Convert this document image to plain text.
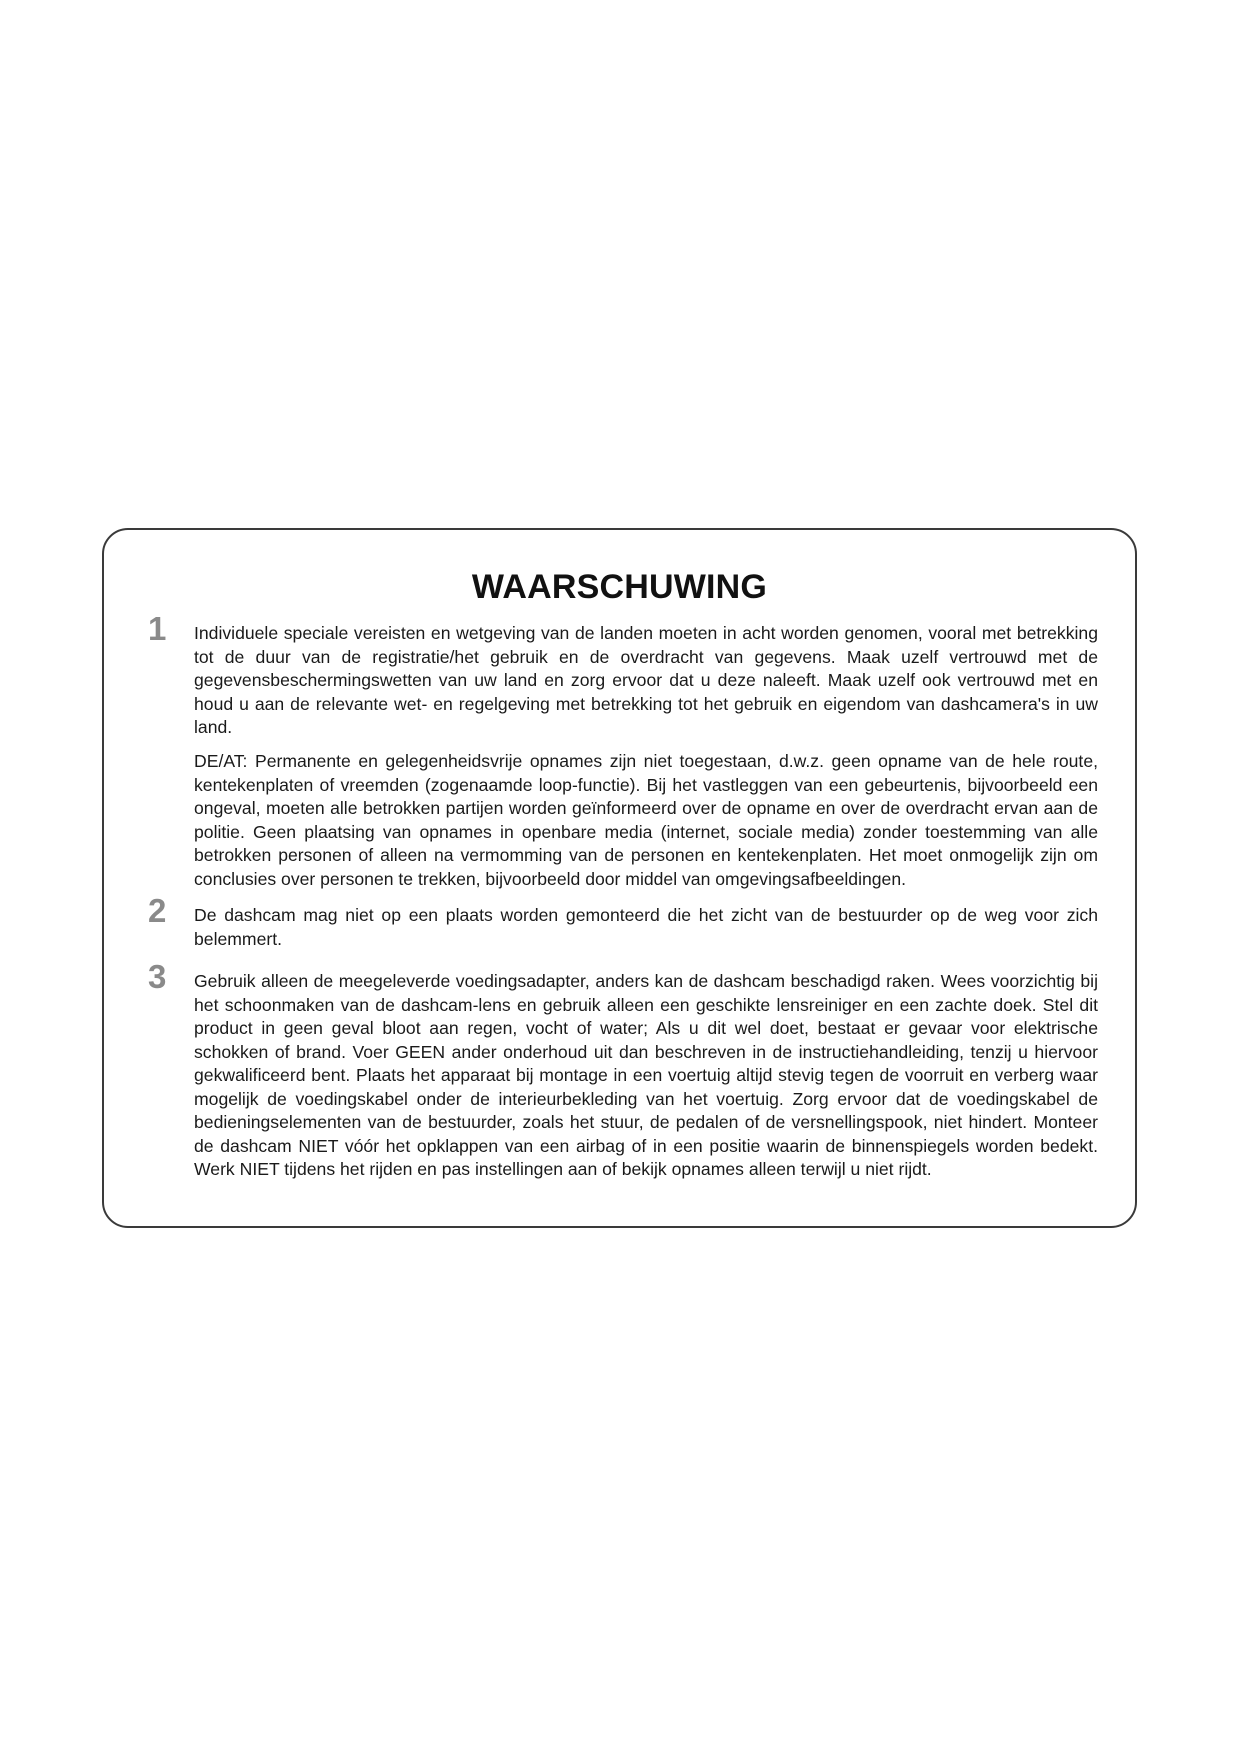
WAARSCHUWING
1 Individuele speciale vereisten en wetgeving van de landen moeten in acht worden genomen, vooral met betrekking tot de duur van de registratie/het gebruik en de overdracht van gegevens. Maak uzelf vertrouwd met de gegevensbeschermingswetten van uw land en zorg ervoor dat u deze naleeft. Maak uzelf ook vertrouwd met en houd u aan de relevante wet- en regelgeving met betrekking tot het gebruik en eigendom van dashcamera's in uw land.

DE/AT: Permanente en gelegenheidsvrije opnames zijn niet toegestaan, d.w.z. geen opname van de hele route, kentekenplaten of vreemden (zogenaamde loop-functie). Bij het vastleggen van een gebeurtenis, bijvoorbeeld een ongeval, moeten alle betrokken partijen worden geïnformeerd over de opname en over de overdracht ervan aan de politie. Geen plaatsing van opnames in openbare media (internet, sociale media) zonder toestemming van alle betrokken personen of alleen na vermomming van de personen en kentekenplaten. Het moet onmogelijk zijn om conclusies over personen te trekken, bijvoorbeeld door middel van omgevingsafbeeldingen.

2 De dashcam mag niet op een plaats worden gemonteerd die het zicht van de bestuurder op de weg voor zich belemmert.

3 Gebruik alleen de meegeleverde voedingsadapter, anders kan de dashcam beschadigd raken. Wees voorzichtig bij het schoonmaken van de dashcam-lens en gebruik alleen een geschikte lensreiniger en een zachte doek. Stel dit product in geen geval bloot aan regen, vocht of water; Als u dit wel doet, bestaat er gevaar voor elektrische schokken of brand. Voer GEEN ander onderhoud uit dan beschreven in de instructiehandleiding, tenzij u hiervoor gekwalificeerd bent. Plaats het apparaat bij montage in een voertuig altijd stevig tegen de voorruit en verberg waar mogelijk de voedingskabel onder de interieurbekleding van het voertuig. Zorg ervoor dat de voedingskabel de bedieningselementen van de bestuurder, zoals het stuur, de pedalen of de versnellingspook, niet hindert. Monteer de dashcam NIET vóór het opklappen van een airbag of in een positie waarin de binnenspiegels worden bedekt. Werk NIET tijdens het rijden en pas instellingen aan of bekijk opnames alleen terwijl u niet rijdt.
